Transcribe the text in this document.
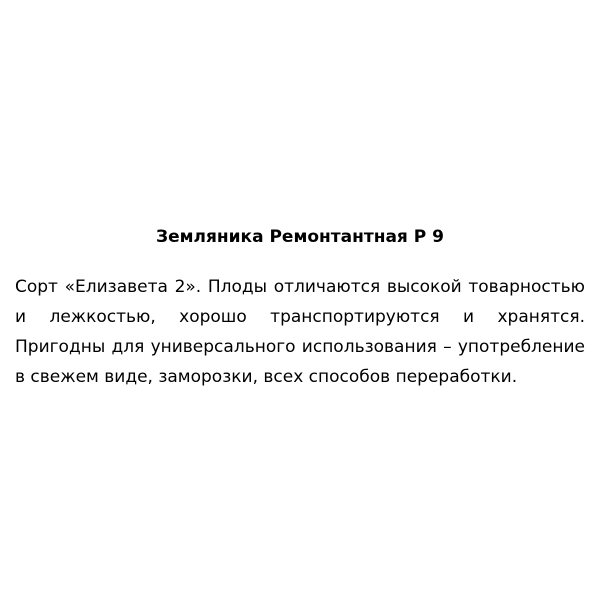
Земляника Ремонтантная Р 9

Сорт «Елизавета 2». Плоды отличаются высокой товарностью и лежкостью, хорошо транспортируются и хранятся. Пригодны для универсального использования – употребление в свежем виде, заморозки, всех способов переработки.
